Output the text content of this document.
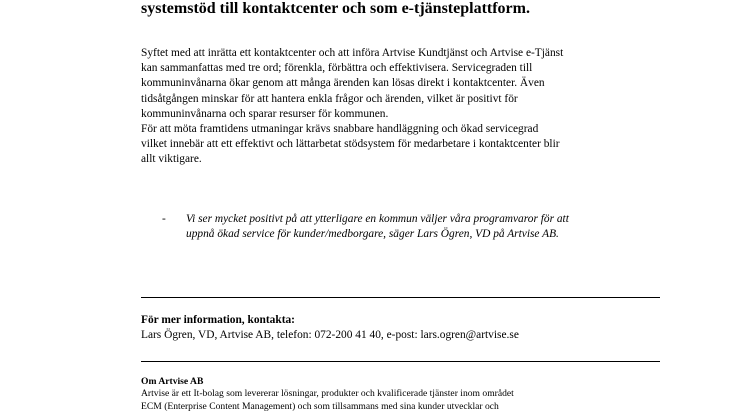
systemstöd till kontaktcenter och som e-tjänsteplattform.

Syftet med att inrätta ett kontaktcenter och att införa Artvise Kundtjänst och Artvise e-Tjänst

kan sammanfattas med tre ord; förenkla, förbättra och effektivisera. Servicegraden till

kommuninvånarna ökar genom att många ärenden kan lösas direkt i kontaktcenter. Även

tidsåtgången minskar för att hantera enkla frågor och ärenden, vilket är positivt för

kommuninvånarna och sparar resurser för kommunen.

För att möta framtidens utmaningar krävs snabbare handläggning och ökad servicegrad

vilket innebär att ett effektivt och lättarbetat stödsystem för medarbetare i kontaktcenter blir

allt viktigare.

- Vi ser mycket positivt på att ytterligare en kommun väljer våra programvaror för att
uppnå ökad service för kunder/medborgare, säger Lars Ögren, VD på Artvise AB.
För mer information, kontakta:
Lars Ögren, VD, Artvise AB, telefon: 072-200 41 40, e-post: lars.ogren@artvise.se
Om Artvise AB
Artvise är ett It-bolag som levererar lösningar, produkter och kvalificerade tjänster inom området
ECM (Enterprise Content Management) och som tillsammans med sina kunder utvecklar och
